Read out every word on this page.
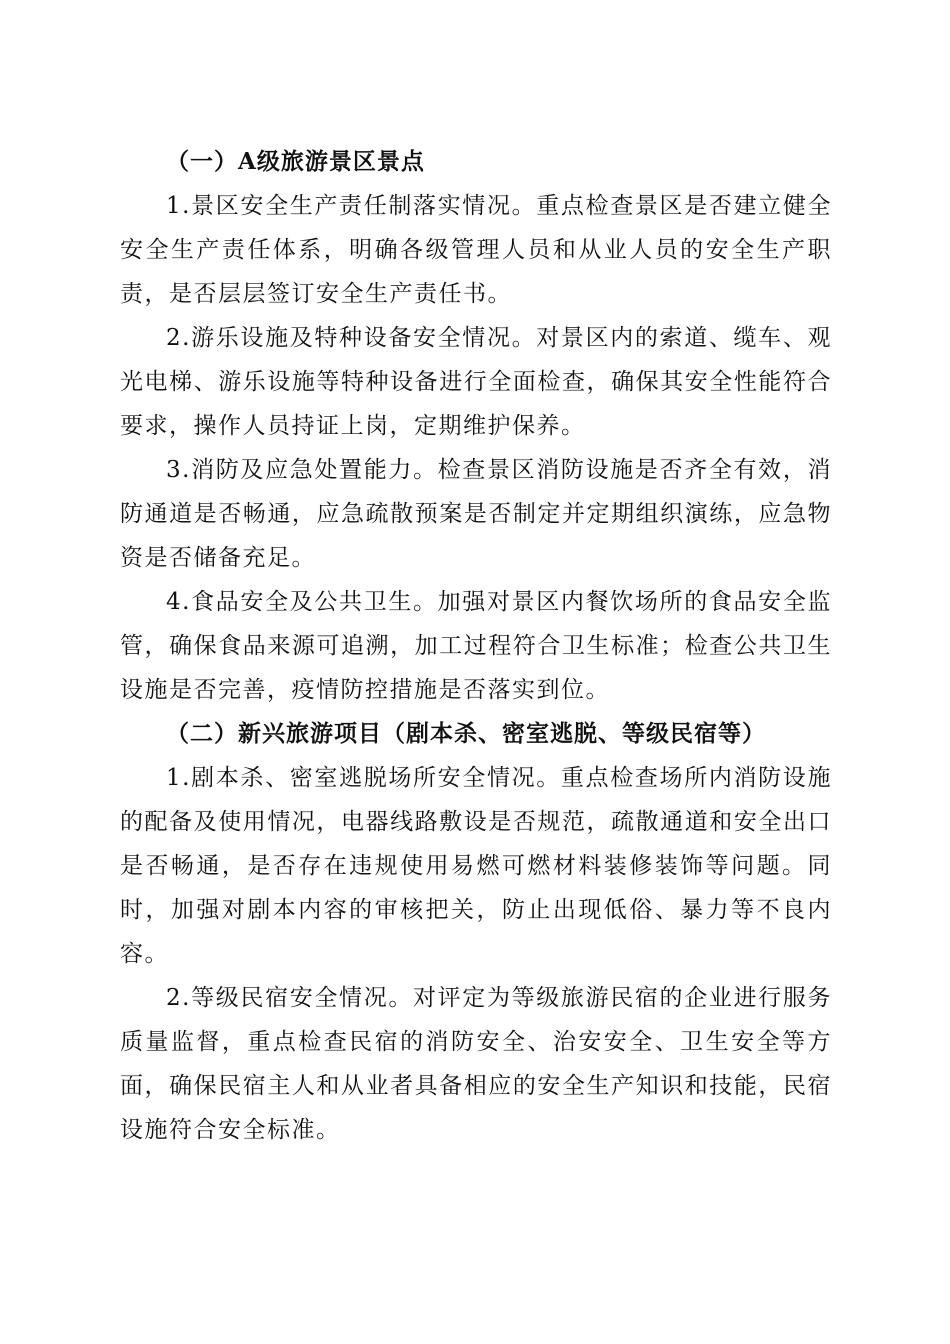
（一）A级旅游景区景点

1.景区安全生产责任制落实情况。重点检查景区是否建立健全安全生产责任体系，明确各级管理人员和从业人员的安全生产职责，是否层层签订安全生产责任书。

2.游乐设施及特种设备安全情况。对景区内的索道、缆车、观光电梯、游乐设施等特种设备进行全面检查，确保其安全性能符合要求，操作人员持证上岗，定期维护保养。

3.消防及应急处置能力。检查景区消防设施是否齐全有效，消防通道是否畅通，应急疏散预案是否制定并定期组织演练，应急物资是否储备充足。

4.食品安全及公共卫生。加强对景区内餐饮场所的食品安全监管，确保食品来源可追溯，加工过程符合卫生标准；检查公共卫生设施是否完善，疫情防控措施是否落实到位。

（二）新兴旅游项目（剧本杀、密室逃脱、等级民宿等）

1.剧本杀、密室逃脱场所安全情况。重点检查场所内消防设施的配备及使用情况，电器线路敷设是否规范，疏散通道和安全出口是否畅通，是否存在违规使用易燃可燃材料装修装饰等问题。同时，加强对剧本内容的审核把关，防止出现低俗、暴力等不良内容。

2.等级民宿安全情况。对评定为等级旅游民宿的企业进行服务质量监督，重点检查民宿的消防安全、治安安全、卫生安全等方面，确保民宿主人和从业者具备相应的安全生产知识和技能，民宿设施符合安全标准。
